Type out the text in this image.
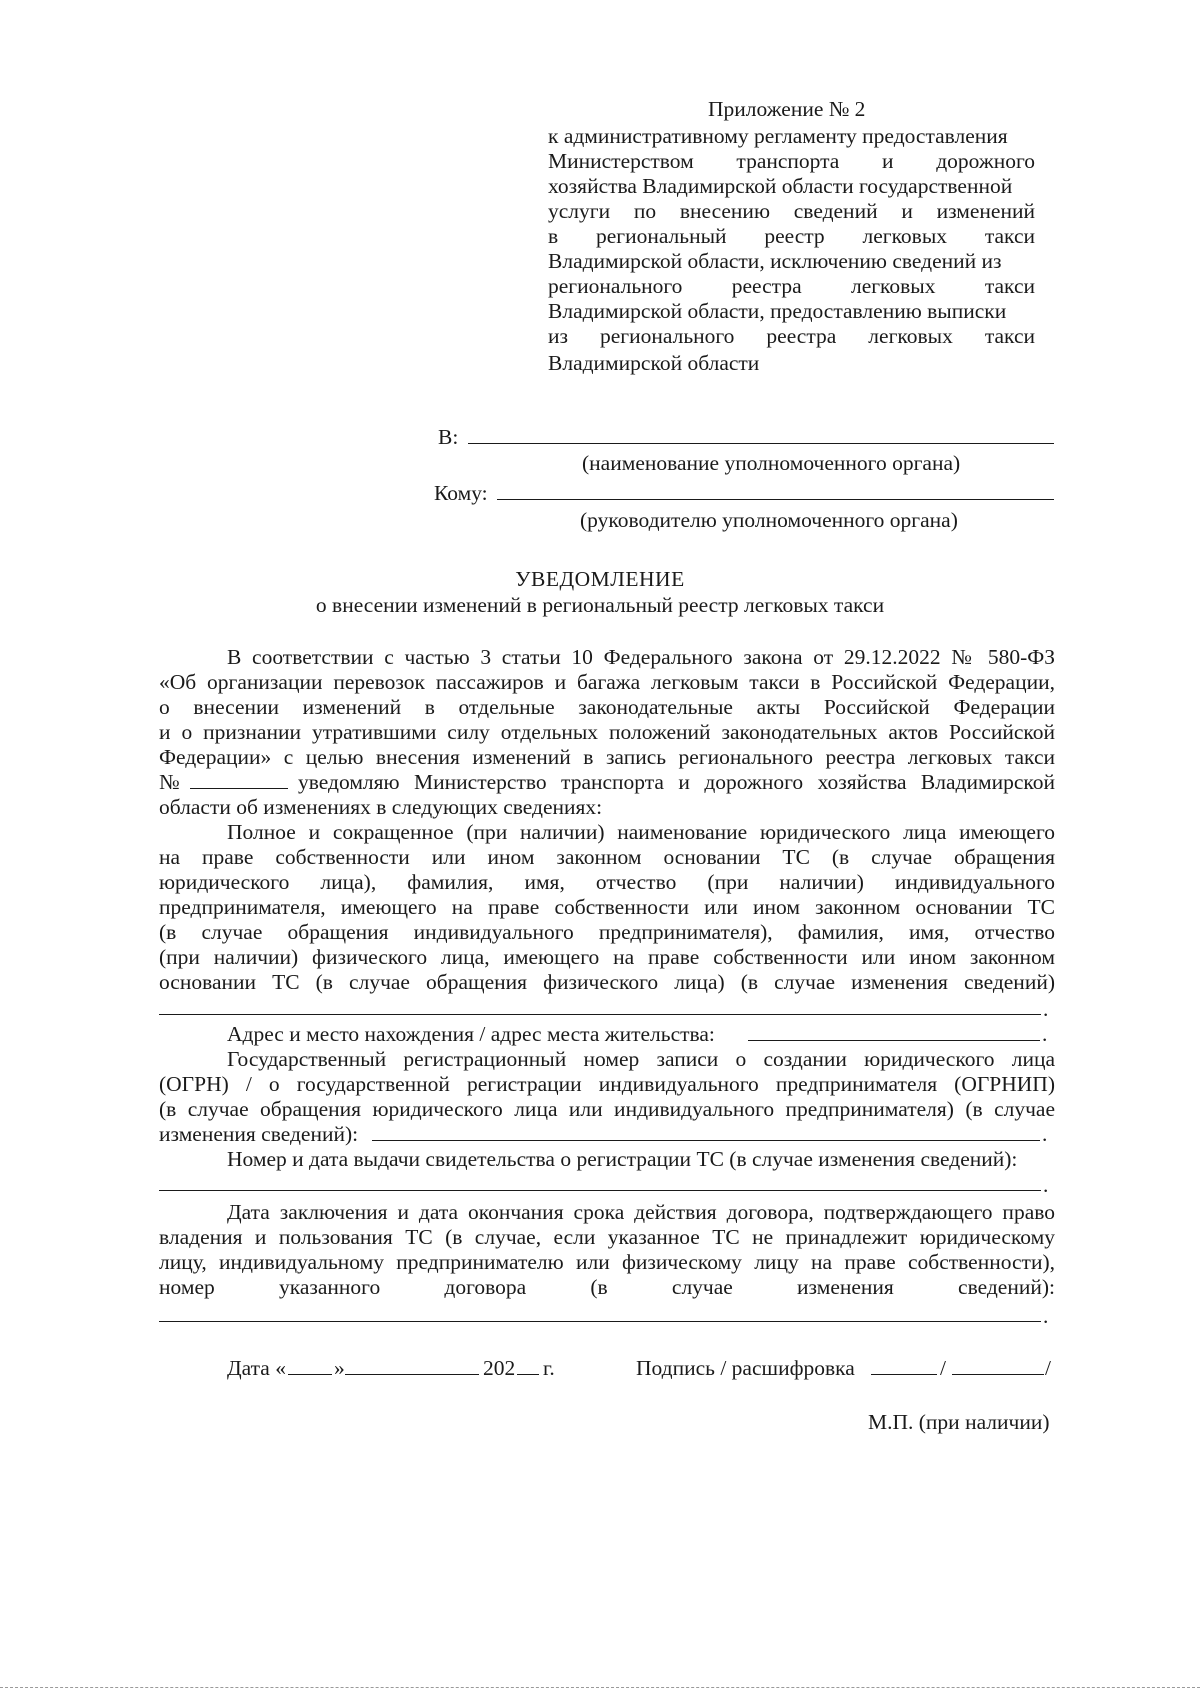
Приложение № 2
к административному регламенту предоставления
Министерством транспорта и дорожного
хозяйства Владимирской области государственной
услуги по внесению сведений и изменений
в региональный реестр легковых такси
Владимирской области, исключению сведений из
регионального реестра легковых такси
Владимирской области, предоставлению выписки
из регионального реестра легковых такси
Владимирской области
В:
(наименование уполномоченного органа)
Кому:
(руководителю уполномоченного органа)
УВЕДОМЛЕНИЕ
о внесении изменений в региональный реестр легковых такси
В соответствии с частью 3 статьи 10 Федерального закона от 29.12.2022 № 580-ФЗ
«Об организации перевозок пассажиров и багажа легковым такси в Российской Федерации,
о внесении изменений в отдельные законодательные акты Российской Федерации
и о признании утратившими силу отдельных положений законодательных актов Российской
Федерации» с целью внесения изменений в запись регионального реестра легковых такси
№	уведомляю Министерство транспорта и дорожного хозяйства Владимирской
области об изменениях в следующих сведениях:
Полное и сокращенное (при наличии) наименование юридического лица имеющего
на праве собственности или ином законном основании ТС (в случае обращения
юридического лица), фамилия, имя, отчество (при наличии) индивидуального
предпринимателя, имеющего на праве собственности или ином законном основании ТС
(в случае обращения индивидуального предпринимателя), фамилия, имя, отчество
(при наличии) физического лица, имеющего на праве собственности или ином законном
основании ТС (в случае обращения физического лица) (в случае изменения сведений)
.
Адрес и место нахождения / адрес места жительства:	.
Государственный регистрационный номер записи о создании юридического лица
(ОГРН) / о государственной регистрации индивидуального предпринимателя (ОГРНИП)
(в случае обращения юридического лица или индивидуального предпринимателя) (в случае
изменения сведений):	.
Номер и дата выдачи свидетельства о регистрации ТС (в случае изменения сведений):
.
Дата заключения и дата окончания срока действия договора, подтверждающего право
владения и пользования ТС (в случае, если указанное ТС не принадлежит юридическому
лицу, индивидуальному предпринимателю или физическому лицу на праве собственности),
номер указанного договора (в случае изменения сведений):
.
Дата « »	202 г.	Подпись / расшифровка	/	/
М.П. (при наличии)
